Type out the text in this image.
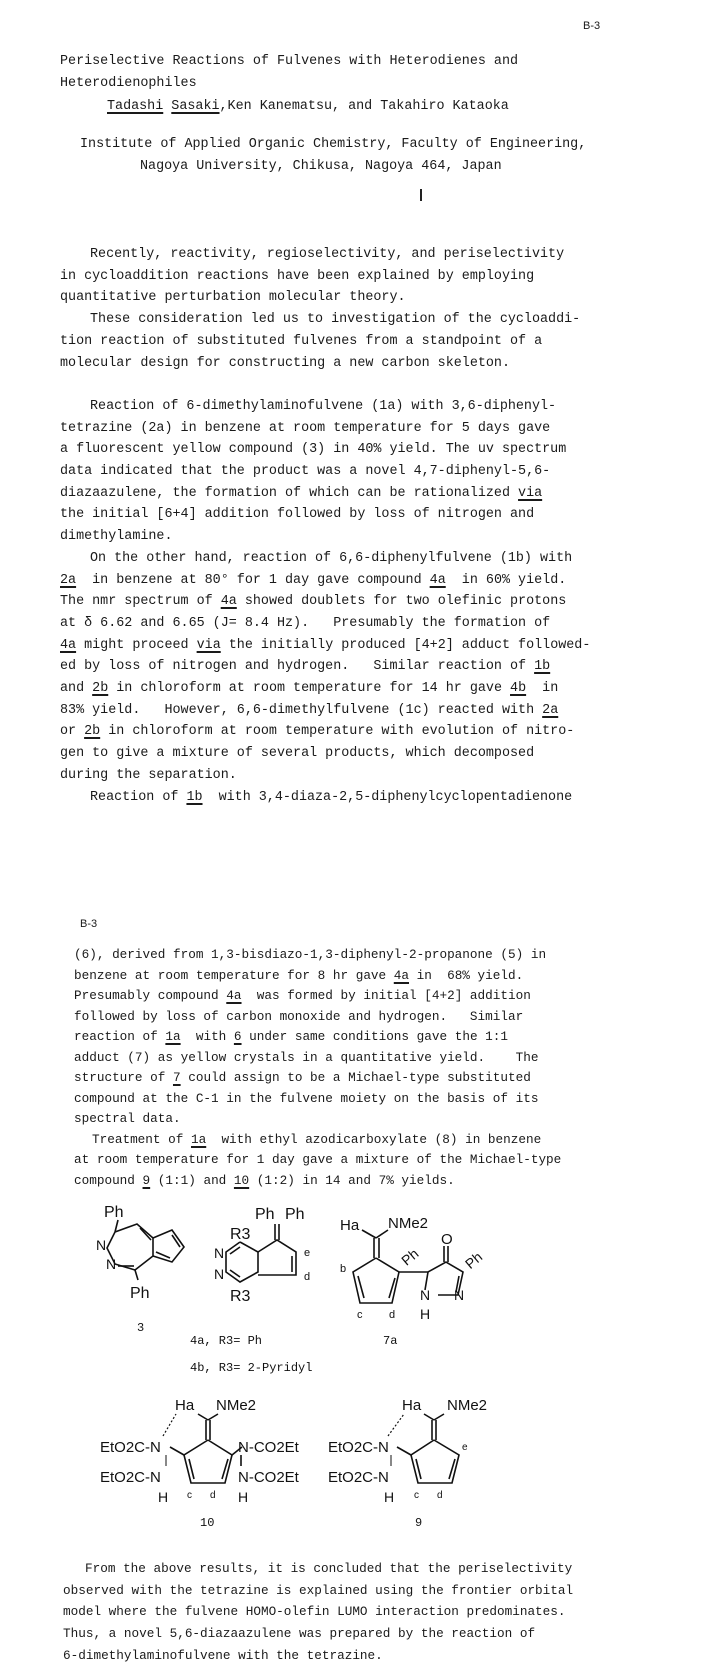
B-3
Periselective Reactions of Fulvenes with Heterodienes and
Heterodienophiles
Tadashi Sasaki,Ken Kanematsu, and Takahiro Kataoka
Institute of Applied Organic Chemistry, Faculty of Engineering,
Nagoya University, Chikusa, Nagoya 464, Japan
Recently, reactivity, regioselectivity, and periselectivity
in cycloaddition reactions have been explained by employing
quantitative perturbation molecular theory.
These consideration led us to investigation of the cycloaddi-
tion reaction of substituted fulvenes from a standpoint of a
molecular design for constructing a new carbon skeleton.
Reaction of 6-dimethylaminofulvene (1a) with 3,6-diphenyl-
tetrazine (2a) in benzene at room temperature for 5 days gave
a fluorescent yellow compound (3) in 40% yield. The uv spectrum
data indicated that the product was a novel 4,7-diphenyl-5,6-
diazaazulene, the formation of which can be rationalized via
the initial [6+4] addition followed by loss of nitrogen and
dimethylamine.
On the other hand, reaction of 6,6-diphenylfulvene (1b) with
2a  in benzene at 80° for 1 day gave compound 4a  in 60% yield.
The nmr spectrum of 4a showed doublets for two olefinic protons
at δ 6.62 and 6.65 (J= 8.4 Hz).   Presumably the formation of
4a might proceed via the initially produced [4+2] adduct followed-
ed by loss of nitrogen and hydrogen.   Similar reaction of 1b
and 2b in chloroform at room temperature for 14 hr gave 4b  in
83% yield.   However, 6,6-dimethylfulvene (1c) reacted with 2a
or 2b in chloroform at room temperature with evolution of nitro-
gen to give a mixture of several products, which decomposed
during the separation.
Reaction of 1b  with 3,4-diaza-2,5-diphenylcyclopentadienone
B-3
(6), derived from 1,3-bisdiazo-1,3-diphenyl-2-propanone (5) in
benzene at room temperature for 8 hr gave 4a in  68% yield.
Presumably compound 4a  was formed by initial [4+2] addition
followed by loss of carbon monoxide and hydrogen.   Similar
reaction of 1a  with 6 under same conditions gave the 1:1
adduct (7) as yellow crystals in a quantitative yield.    The
structure of 7 could assign to be a Michael-type substituted
compound at the C-1 in the fulvene moiety on the basis of its
spectral data.
Treatment of 1a  with ethyl azodicarboxylate (8) in benzene
at room temperature for 1 day gave a mixture of the Michael-type
compound 9 (1:1) and 10 (1:2) in 14 and 7% yields.
Ph
N
N
Ph
3
Ph Ph
R3
N
N
R3
e
d
4a, R3= Ph
4b, R3= 2-Pyridyl
Ha NMe2
O
Ph	Ph
b
c d
N
H
N
7a
Ha NMe2
EtO2C-N
EtO2C-N
H
N-CO2Et
N-CO2Et
H
c d
10
Ha NMe2
EtO2C-N
EtO2C-N
H c d
e
9
From the above results, it is concluded that the periselectivity
observed with the tetrazine is explained using the frontier orbital
model where the fulvene HOMO-olefin LUMO interaction predominates.
Thus, a novel 5,6-diazaazulene was prepared by the reaction of
6-dimethylaminofulvene with the tetrazine.
